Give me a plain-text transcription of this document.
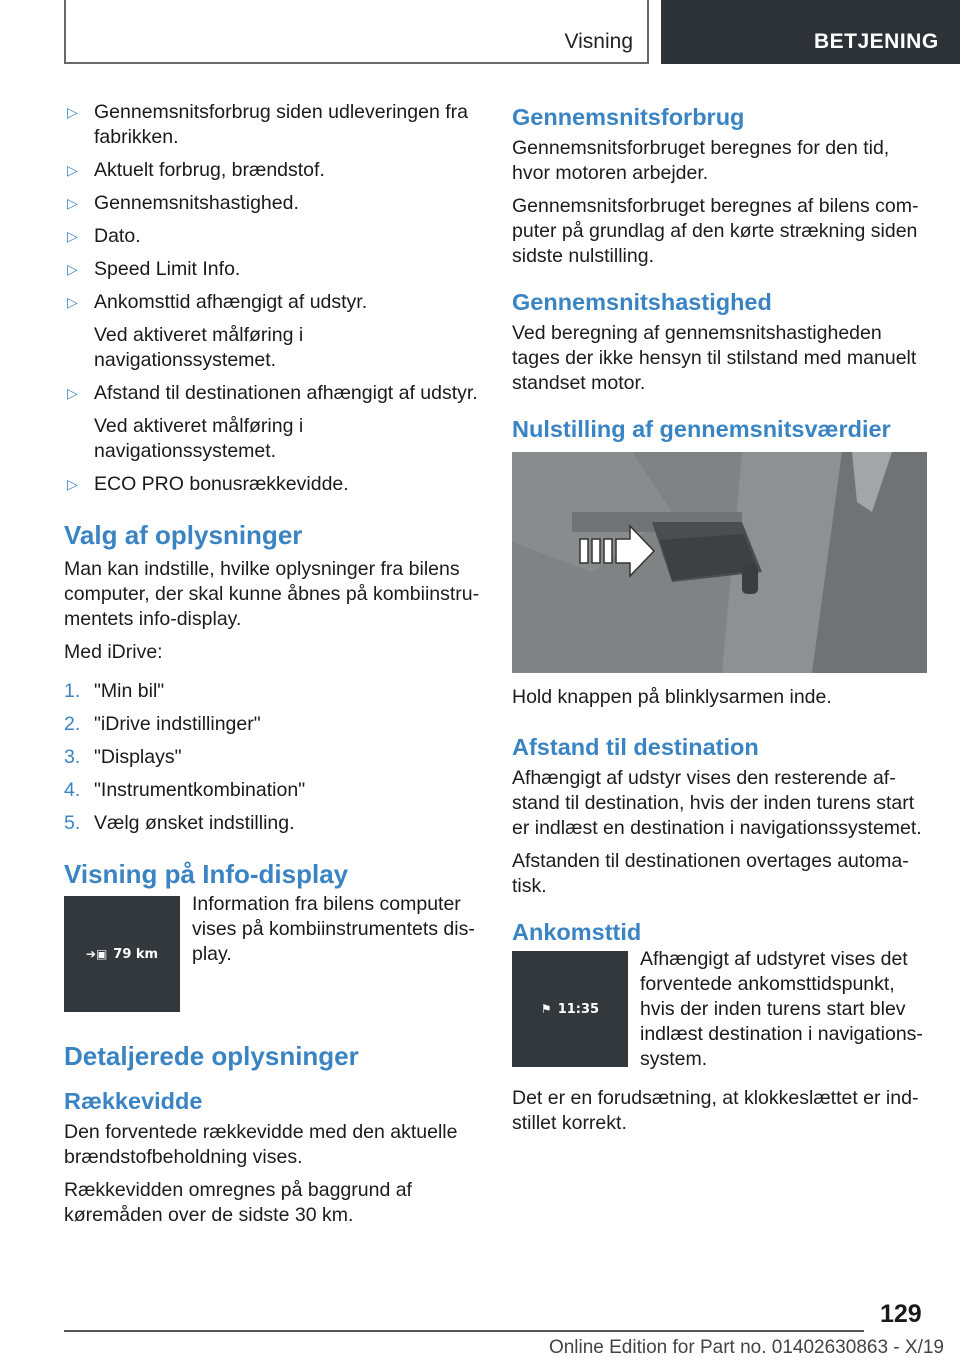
Visning	BETJENING
▷ Gennemsnitsforbrug siden udleveringen fra fabrikken.
▷ Aktuelt forbrug, brændstof.
▷ Gennemsnitshastighed.
▷ Dato.
▷ Speed Limit Info.
▷ Ankomsttid afhængigt af udstyr.
Ved aktiveret målføring i navigationssystemet.
▷ Afstand til destinationen afhængigt af udstyr.
Ved aktiveret målføring i navigationssystemet.
▷ ECO PRO bonusrækkevidde.
Valg af oplysninger

Man kan indstille, hvilke oplysninger fra bilens computer, der skal kunne åbnes på kombiinstrumentets info-display.

Med iDrive:

1. "Min bil"
2. "iDrive indstillinger"
3. "Displays"
4. "Instrumentkombination"
5. Vælg ønsket indstilling.
Visning på Info-display
➔▣ 79 km

Information fra bilens computer vises på kombiinstrumentets display.

Detaljerede oplysninger
Rækkevidde

Den forventede rækkevidde med den aktuelle brændstofbeholdning vises.

Rækkevidden omregnes på baggrund af køremåden over de sidste 30 km.

Gennemsnitsforbrug

Gennemsnitsforbruget beregnes for den tid, hvor motoren arbejder.

Gennemsnitsforbruget beregnes af bilens computer på grundlag af den kørte strækning siden sidste nulstilling.

Gennemsnitshastighed

Ved beregning af gennemsnitshastigheden tages der ikke hensyn til stilstand med manuelt standset motor.

Nulstilling af gennemsnitsværdier

Hold knappen på blinklysarmen inde.

Afstand til destination

Afhængigt af udstyr vises den resterende afstand til destination, hvis der inden turens start er indlæst en destination i navigationssystemet.

Afstanden til destinationen overtages automatisk.

Ankomsttid
⚑ 11:35

Afhængigt af udstyret vises det forventede ankomsttidspunkt, hvis der inden turens start blev indlæst destination i navigationssystem.

Det er en forudsætning, at klokkeslættet er indstillet korrekt.

129
Online Edition for Part no. 01402630863 - X/19
